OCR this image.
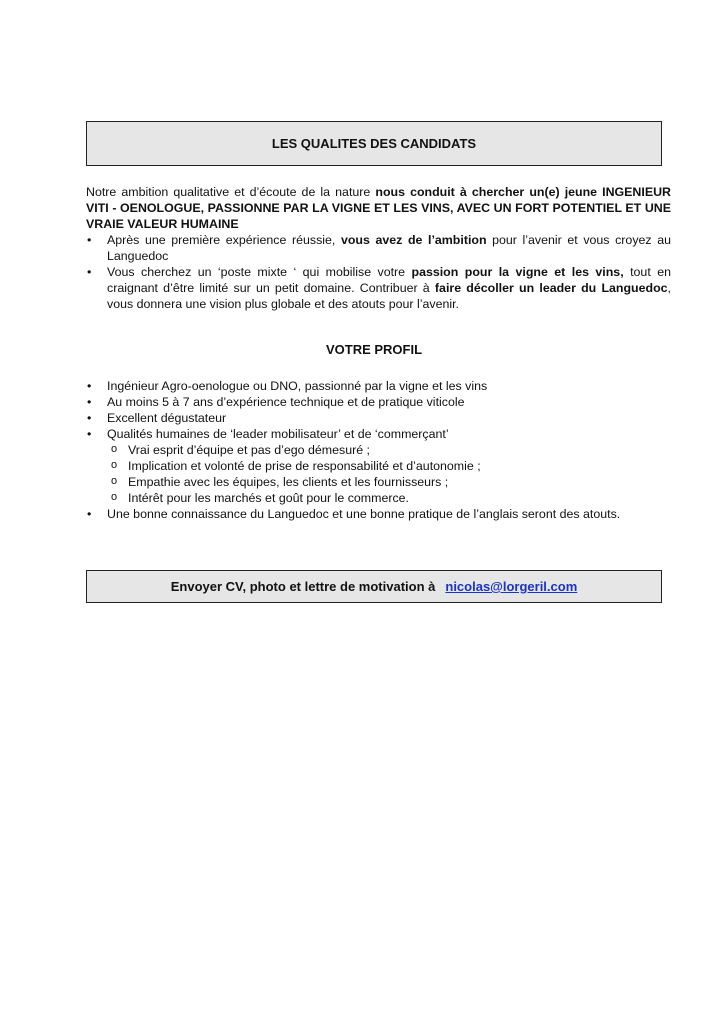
LES QUALITES DES CANDIDATS

Notre ambition qualitative et d’écoute de la nature nous conduit à chercher un(e) jeune INGENIEUR VITI - OENOLOGUE, PASSIONNE PAR LA VIGNE ET LES VINS, AVEC UN FORT POTENTIEL ET UNE VRAIE VALEUR HUMAINE

• Après une première expérience réussie, vous avez de l’ambition pour l’avenir et vous croyez au Languedoc
• Vous cherchez un ‘poste mixte ‘ qui mobilise votre passion pour la vigne et les vins, tout en craignant d’être limité sur un petit domaine. Contribuer à faire décoller un leader du Languedoc, vous donnera une vision plus globale et des atouts pour l’avenir.
VOTRE PROFIL
• Ingénieur Agro-oenologue ou DNO, passionné par la vigne et les vins
• Au moins 5 à 7 ans d’expérience technique et de pratique viticole
• Excellent dégustateur
• Qualités humaines de ‘leader mobilisateur’ et de ‘commerçant’
o Vrai esprit d’équipe et pas d’ego démesuré ;
o Implication et volonté de prise de responsabilité et d’autonomie ;
o Empathie avec les équipes, les clients et les fournisseurs ;
o Intérêt pour les marchés et goût pour le commerce.
• Une bonne connaissance du Languedoc et une bonne pratique de l’anglais seront des atouts.
Envoyer CV, photo et lettre de motivation à nicolas@lorgeril.com
